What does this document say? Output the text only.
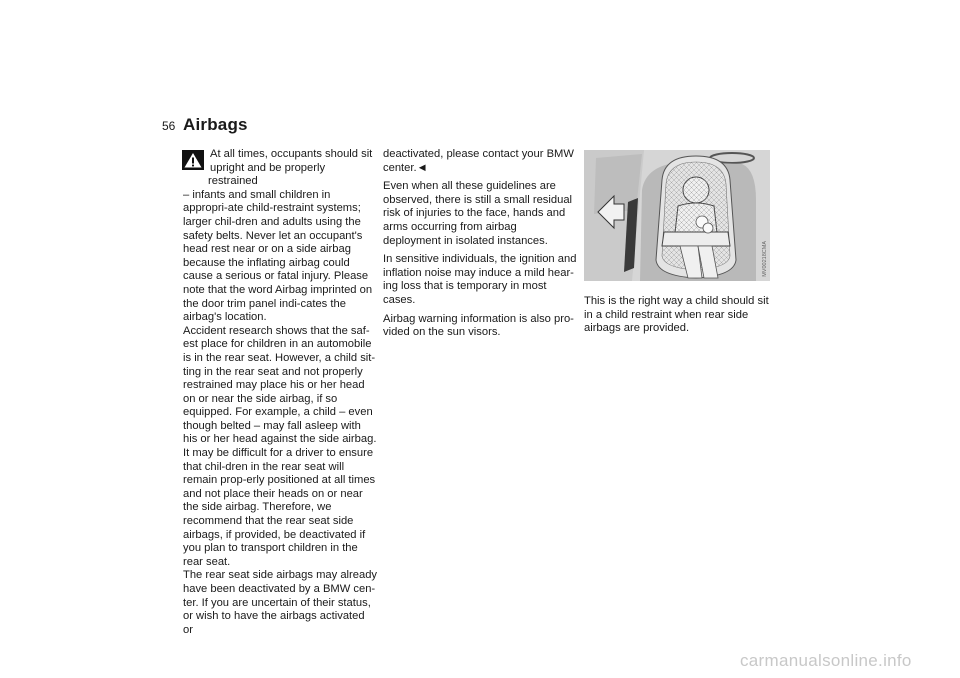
56 Airbags

At all times, occupants should sit
upright and be properly restrained
– infants and small children in appropri-ate child-restraint systems; larger chil-dren and adults using the safety belts. Never let an occupant's head rest near or on a side airbag because the inflating airbag could cause a serious or fatal injury. Please note that the word Airbag imprinted on the door trim panel indi-cates the airbag's location.

Accident research shows that the saf-est place for children in an automobile is in the rear seat. However, a child sit-ting in the rear seat and not properly restrained may place his or her head on or near the side airbag, if so equipped. For example, a child – even though belted – may fall asleep with his or her head against the side airbag. It may be difficult for a driver to ensure that chil-dren in the rear seat will remain prop-erly positioned at all times and not place their heads on or near the side airbag. Therefore, we recommend that the rear seat side airbags, if provided, be deactivated if you plan to transport children in the rear seat.

The rear seat side airbags may already have been deactivated by a BMW cen-ter. If you are uncertain of their status, or wish to have the airbags activated or

deactivated, please contact your BMW center.◄

Even when all these guidelines are observed, there is still a small residual risk of injuries to the face, hands and arms occurring from airbag deployment in isolated instances.

In sensitive individuals, the ignition and inflation noise may induce a mild hear-ing loss that is temporary in most cases.

Airbag warning information is also pro-vided on the sun visors.

MV00218CMA

This is the right way a child should sit in a child restraint when rear side airbags are provided.

carmanualsonline.info
